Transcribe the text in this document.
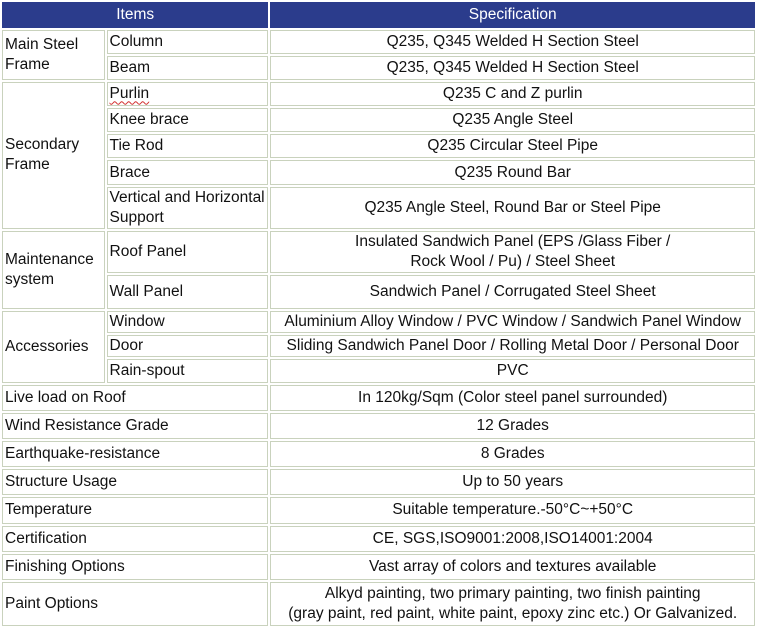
Items		Specification
Main Steel Frame	Column	Q235, Q345 Welded H Section Steel
	Beam	Q235, Q345 Welded H Section Steel
Secondary Frame	Purlin	Q235 C and Z purlin
	Knee brace	Q235 Angle Steel
	Tie Rod	Q235 Circular Steel Pipe
	Brace	Q235 Round Bar
	Vertical and Horizontal Support	Q235 Angle Steel, Round Bar or Steel Pipe
Maintenance system	Roof Panel	Insulated Sandwich Panel (EPS /Glass Fiber /
Rock Wool / Pu) / Steel Sheet
	Wall Panel	Sandwich Panel / Corrugated Steel Sheet
Accessories	Window	Aluminium Alloy Window / PVC Window / Sandwich Panel Window
	Door	Sliding Sandwich Panel Door / Rolling Metal Door / Personal Door
	Rain-spout	PVC
Live load on Roof		In 120kg/Sqm (Color steel panel surrounded)
Wind Resistance Grade		12 Grades
Earthquake-resistance		8 Grades
Structure Usage		Up to 50 years
Temperature		Suitable temperature.-50°C~+50°C
Certification		CE, SGS,ISO9001:2008,ISO14001:2004
Finishing Options		Vast array of colors and textures available
Paint Options		Alkyd painting, two primary painting, two finish painting
(gray paint, red paint, white paint, epoxy zinc etc.) Or Galvanized.
